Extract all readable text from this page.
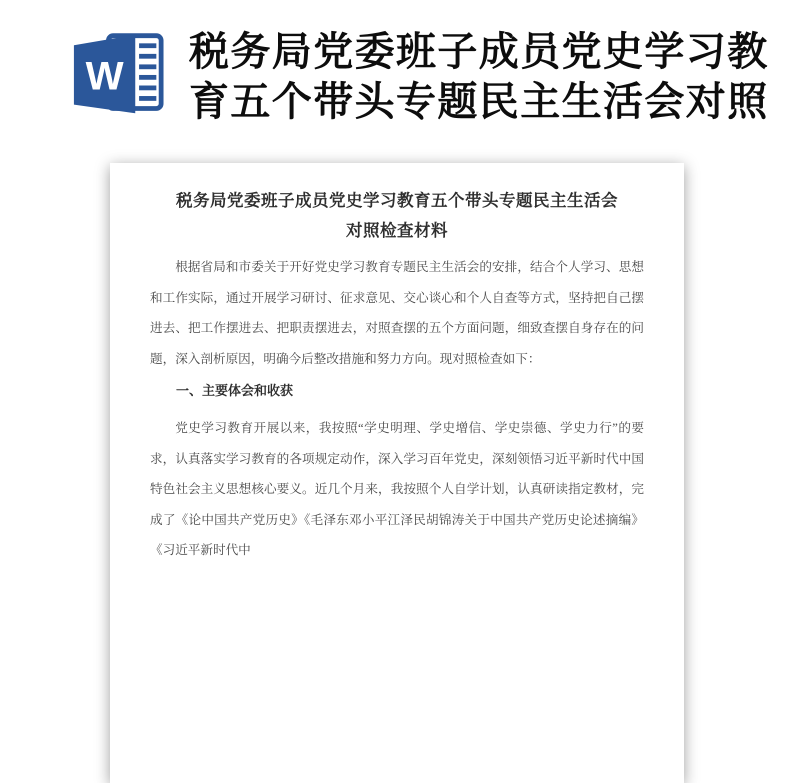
W
税务局党委班子成员党史学习教育五个带头专题民主生活会对照
税务局党委班子成员党史学习教育五个带头专题民主生活会
对照检查材料

根据省局和市委关于开好党史学习教育专题民主生活会的安排，结合个人学习、思想和工作实际，通过开展学习研讨、征求意见、交心谈心和个人自查等方式，坚持把自己摆进去、把工作摆进去、把职责摆进去，对照查摆的五个方面问题，细致查摆自身存在的问题，深入剖析原因，明确今后整改措施和努力方向。现对照检查如下：

一、主要体会和收获

党史学习教育开展以来，我按照“学史明理、学史增信、学史崇德、学史力行”的要求，认真落实学习教育的各项规定动作，深入学习百年党史，深刻领悟习近平新时代中国特色社会主义思想核心要义。近几个月来，我按照个人自学计划，认真研读指定教材，完成了《论中国共产党历史》《毛泽东邓小平江泽民胡锦涛关于中国共产党历史论述摘编》《习近平新时代中
